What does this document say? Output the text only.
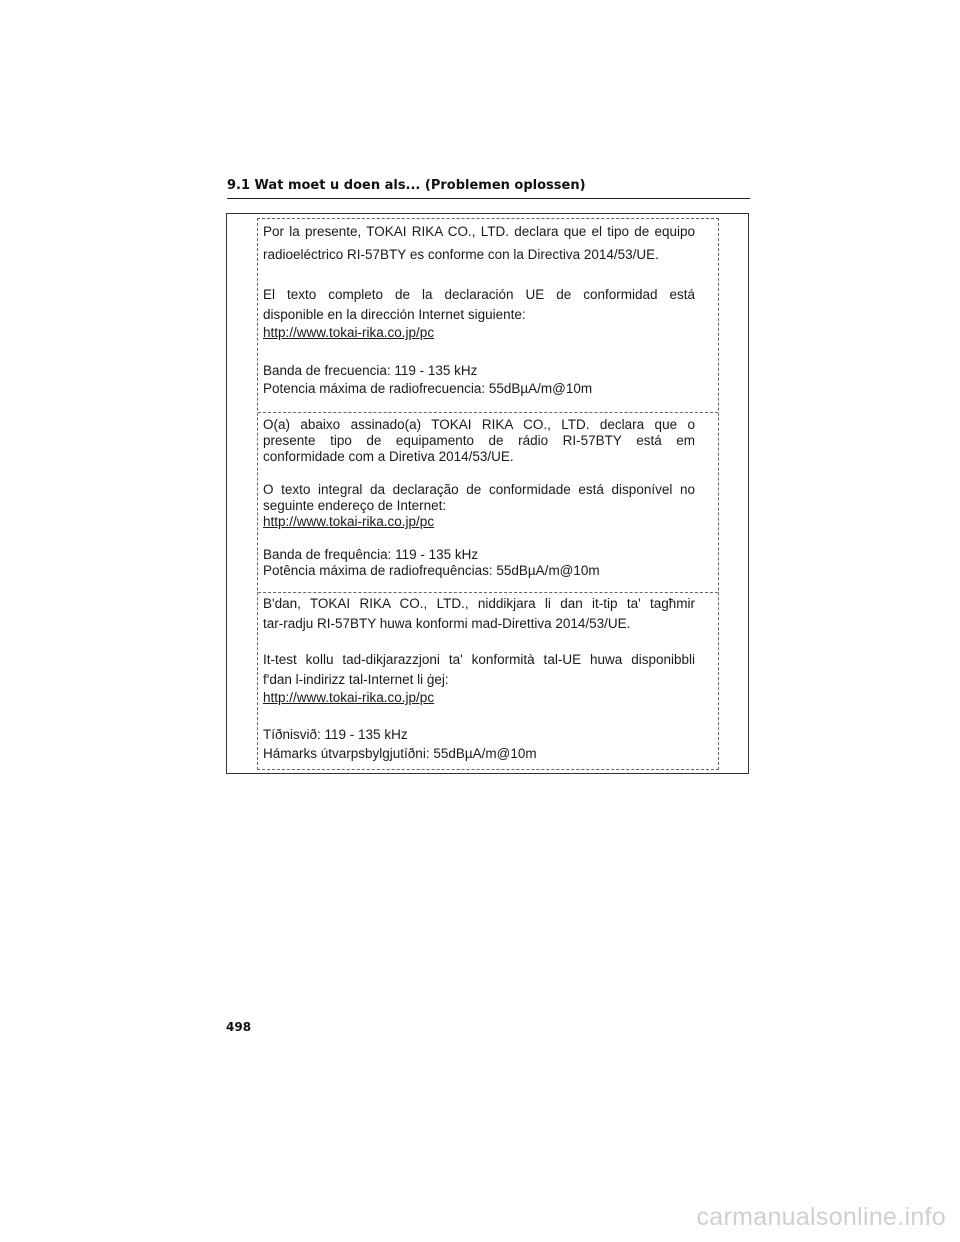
9.1 Wat moet u doen als... (Problemen oplossen)
Por la presente, TOKAI RIKA CO., LTD. declara que el tipo de equipo
radioeléctrico RI-57BTY es conforme con la Directiva 2014/53/UE.
El texto completo de la declaración UE de conformidad está
disponible en la dirección Internet siguiente:
http://www.tokai-rika.co.jp/pc
Banda de frecuencia: 119 - 135 kHz
Potencia máxima de radiofrecuencia: 55dBµA/m@10m
O(a) abaixo assinado(a) TOKAI RIKA CO., LTD. declara que o
presente tipo de equipamento de rádio RI-57BTY está em
conformidade com a Diretiva 2014/53/UE.
O texto integral da declaração de conformidade está disponível no
seguinte endereço de Internet:
http://www.tokai-rika.co.jp/pc
Banda de frequência: 119 - 135 kHz
Potência máxima de radiofrequências: 55dBµA/m@10m
B'dan, TOKAI RIKA CO., LTD., niddikjara li dan it-tip ta' tagħmir
tar-radju RI-57BTY huwa konformi mad-Direttiva 2014/53/UE.
It-test kollu tad-dikjarazzjoni ta' konformità tal-UE huwa disponibbli
f'dan l-indirizz tal-Internet li ġej:
http://www.tokai-rika.co.jp/pc
Tíðnisvið: 119 - 135 kHz
Hámarks útvarpsbylgjutíðni: 55dBµA/m@10m
498
carmanualsonline.info
